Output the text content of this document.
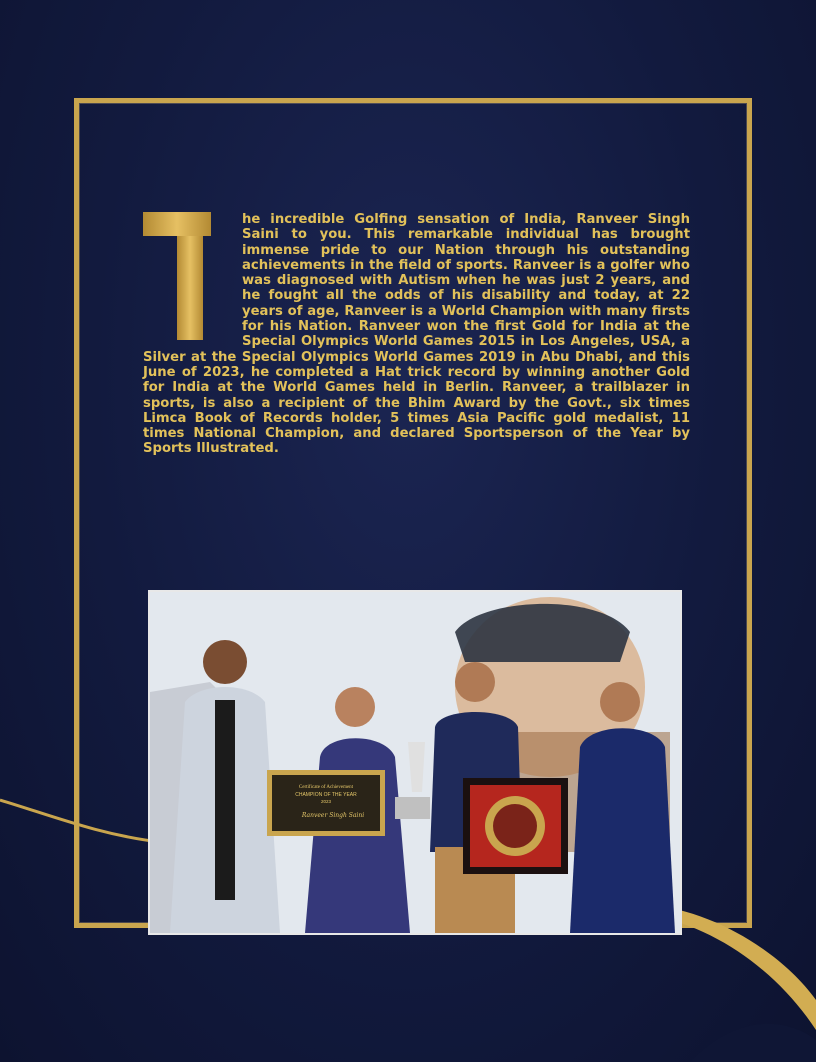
he incredible Golfing sensation of India, Ranveer Singh Saini to you. This remarkable individual has brought immense pride to our Nation through his outstanding achievements in the field of sports. Ranveer is a golfer who was diagnosed with Autism when he was just 2 years, and he fought all the odds of his disability and today, at 22 years of age, Ranveer is a World Champion with many firsts for his Nation. Ranveer won the first Gold for India at the Special Olympics World Games 2015 in Los Angeles, USA, a Silver at the Special Olympics World Games 2019 in Abu Dhabi, and this June of 2023, he completed a Hat trick record by winning another Gold for India at the World Games held in Berlin. Ranveer, a trailblazer in sports, is also a recipient of the Bhim Award by the Govt., six times Limca Book of Records holder, 5 times Asia Pacific gold medalist, 11 times National Champion, and declared Sportsperson of the Year by Sports Illustrated.
Certificate of Achievement
CHAMPION OF THE YEAR
2023
Ranveer Singh Saini
